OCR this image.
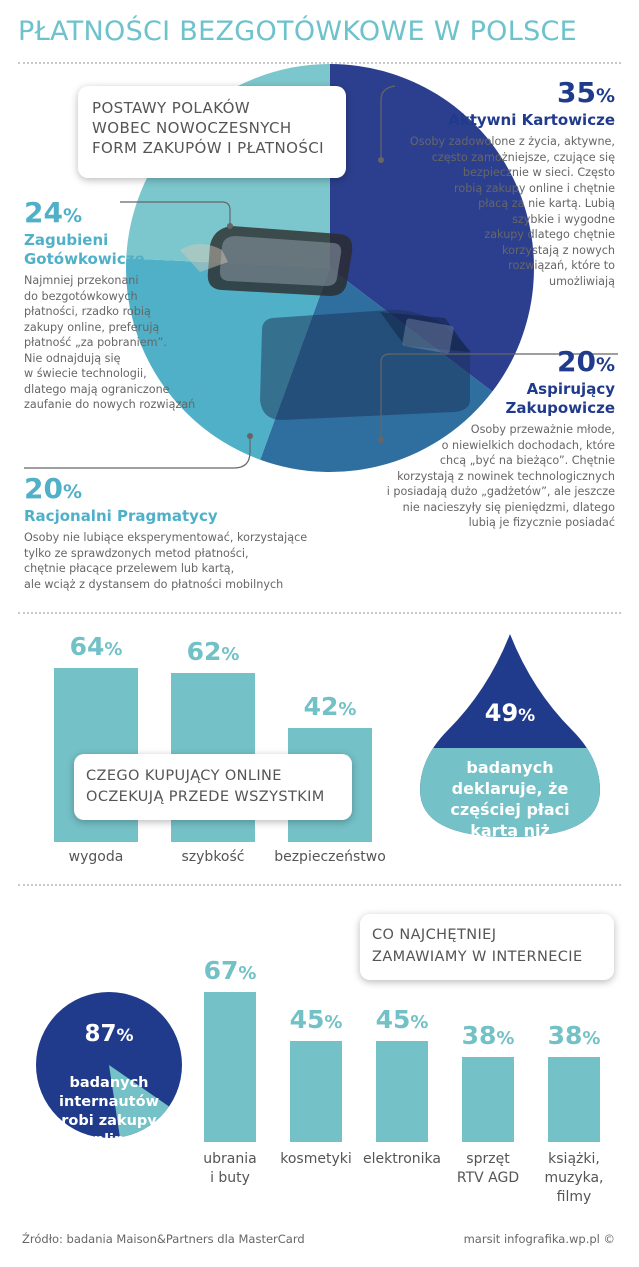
PŁATNOŚCI BEZGOTÓWKOWE W POLSCE
POSTAWY POLAKÓW
WOBEC NOWOCZESNYCH
FORM ZAKUPÓW I PŁATNOŚCI
35%
Aktywni Kartowicze
Osoby zadowolone z życia, aktywne,
często zamożniejsze, czujące się
bezpiecznie w sieci. Często
robią zakupy online i chętnie
płacą za nie kartą. Lubią
szybkie i wygodne
zakupy dlatego chętnie
korzystają z nowych
rozwiązań, które to
umożliwiają
20%
Aspirujący
Zakupowicze
Osoby przeważnie młode,
o niewielkich dochodach, które
chcą „być na bieżąco”. Chętnie
korzystają z nowinek technologicznych
i posiadają dużo „gadżetów”, ale jeszcze
nie nacieszyły się pieniędzmi, dlatego
lubią je fizycznie posiadać
20%
Racjonalni Pragmatycy
Osoby nie lubiące eksperymentować, korzystające
tylko ze sprawdzonych metod płatności,
chętnie płacące przelewem lub kartą,
ale wciąż z dystansem do płatności mobilnych
24%
Zagubieni
Gotówkowicze
Najmniej przekonani
do bezgotówkowych
płatności, rzadko robią
zakupy online, preferują
płatność „za pobraniem”.
Nie odnajdują się
w świecie technologii,
dlatego mają ograniczone
zaufanie do nowych rozwiązań
64%
wygoda
62%
szybkość
42%
bezpieczeństwo
CZEGO KUPUJĄCY ONLINE
OCZEKUJĄ PRZEDE WSZYSTKIM

49%

badanych
deklaruje, że
częściej płaci
kartą niż
gotówką

CO NAJCHĘTNIEJ
ZAMAWIAMY W INTERNECIE

87%

badanych
internautów
robi zakupy
online

67%
ubrania
i buty
45%
kosmetyki
45%
elektronika
38%
sprzęt
RTV AGD
38%
książki,
muzyka,
filmy
Źródło: badania Maison&Partners dla MasterCard	marsit infografika.wp.pl ©
